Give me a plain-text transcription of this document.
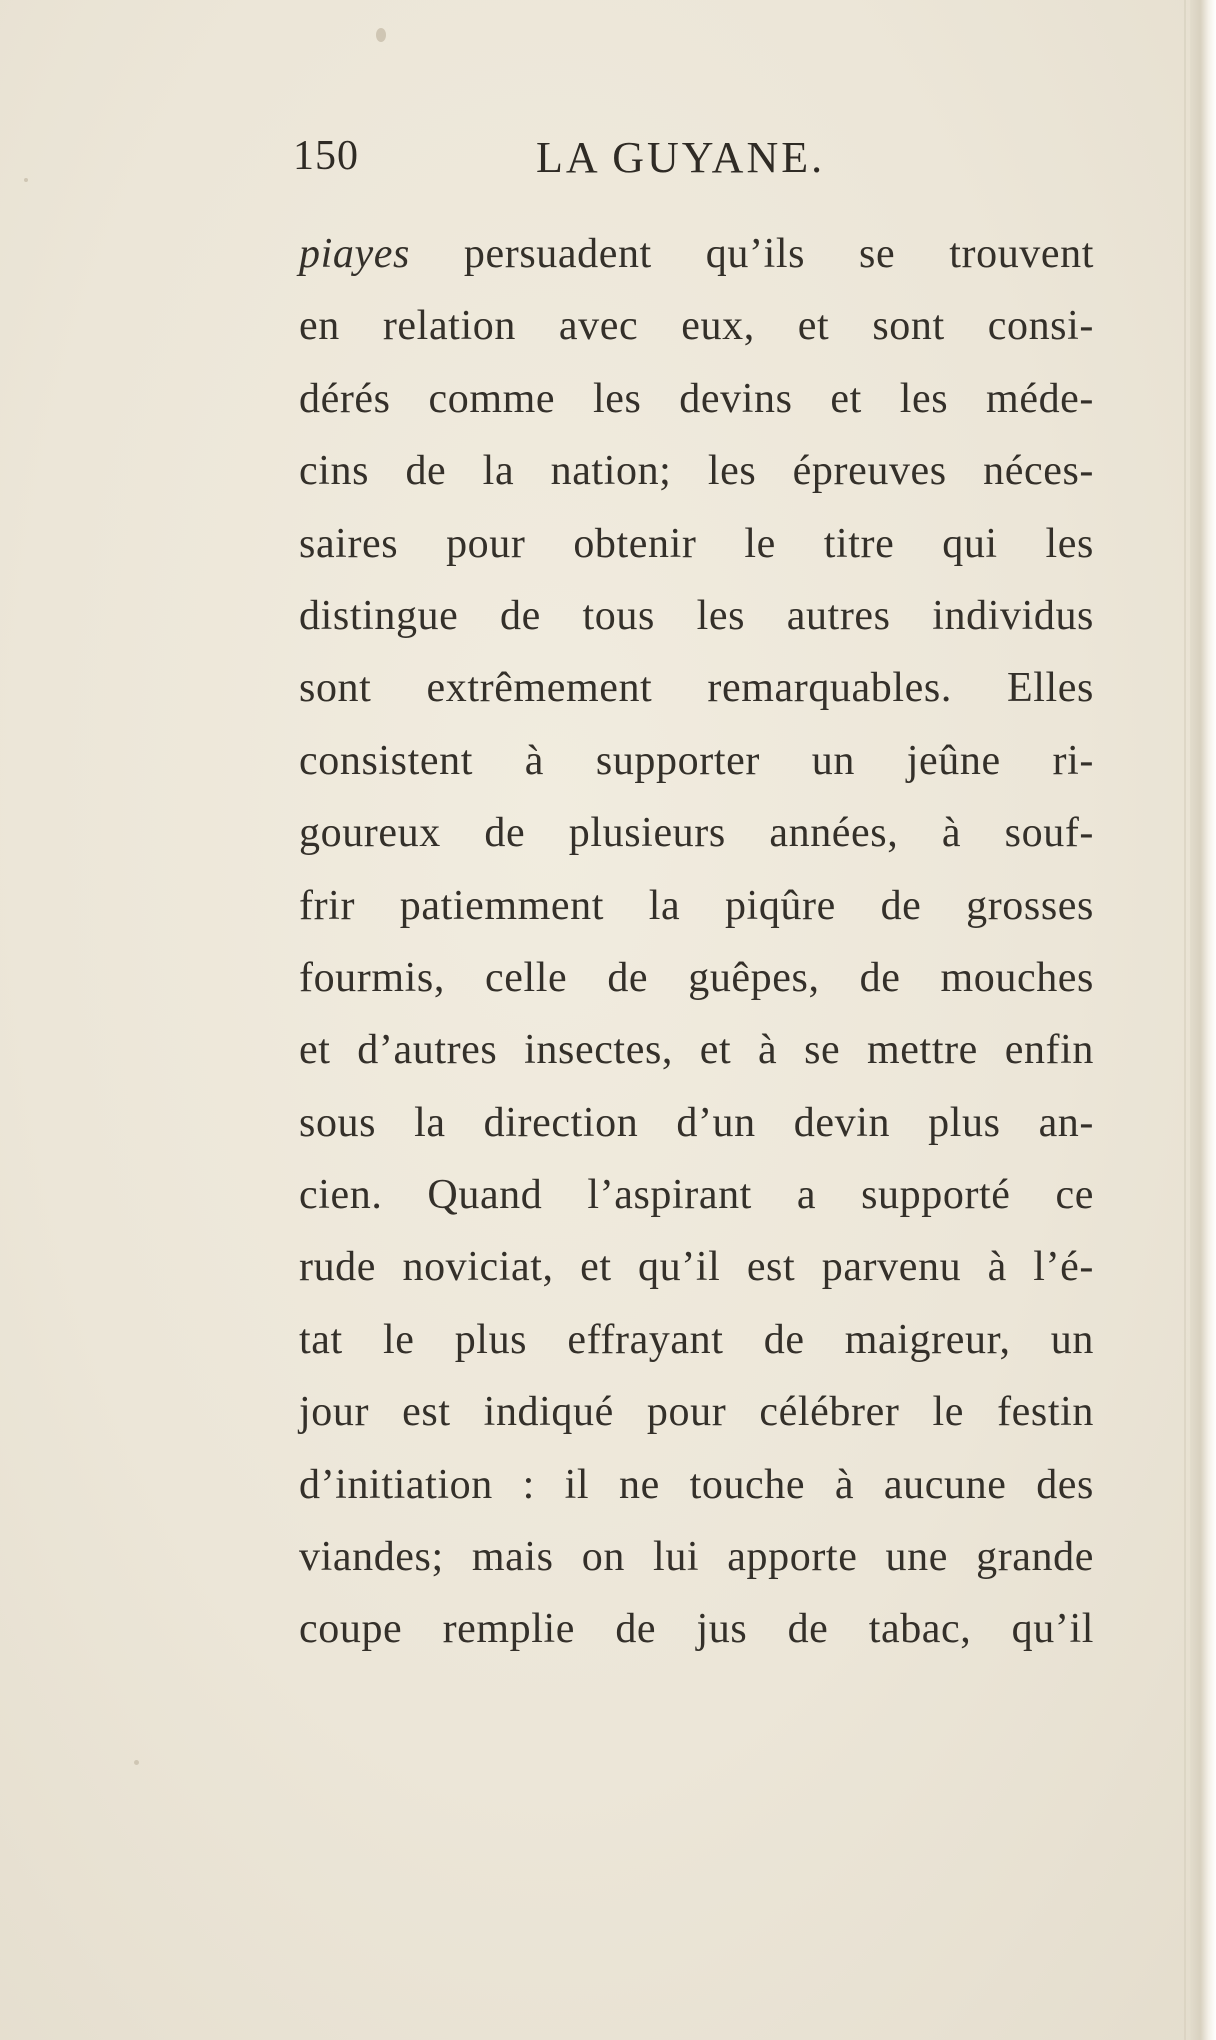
150	LA GUYANE.
piayes persuadent qu’ils se trouvent
en relation avec eux, et sont consi-
dérés comme les devins et les méde-
cins de la nation; les épreuves néces-
saires pour obtenir le titre qui les
distingue de tous les autres individus
sont extrêmement remarquables. Elles
consistent à supporter un jeûne ri-
goureux de plusieurs années, à souf-
frir patiemment la piqûre de grosses
fourmis, celle de guêpes, de mouches
et d’autres insectes, et à se mettre enfin
sous la direction d’un devin plus an-
cien. Quand l’aspirant a supporté ce
rude noviciat, et qu’il est parvenu à l’é-
tat le plus effrayant de maigreur, un
jour est indiqué pour célébrer le festin
d’initiation : il ne touche à aucune des
viandes; mais on lui apporte une grande
coupe remplie de jus de tabac, qu’il
